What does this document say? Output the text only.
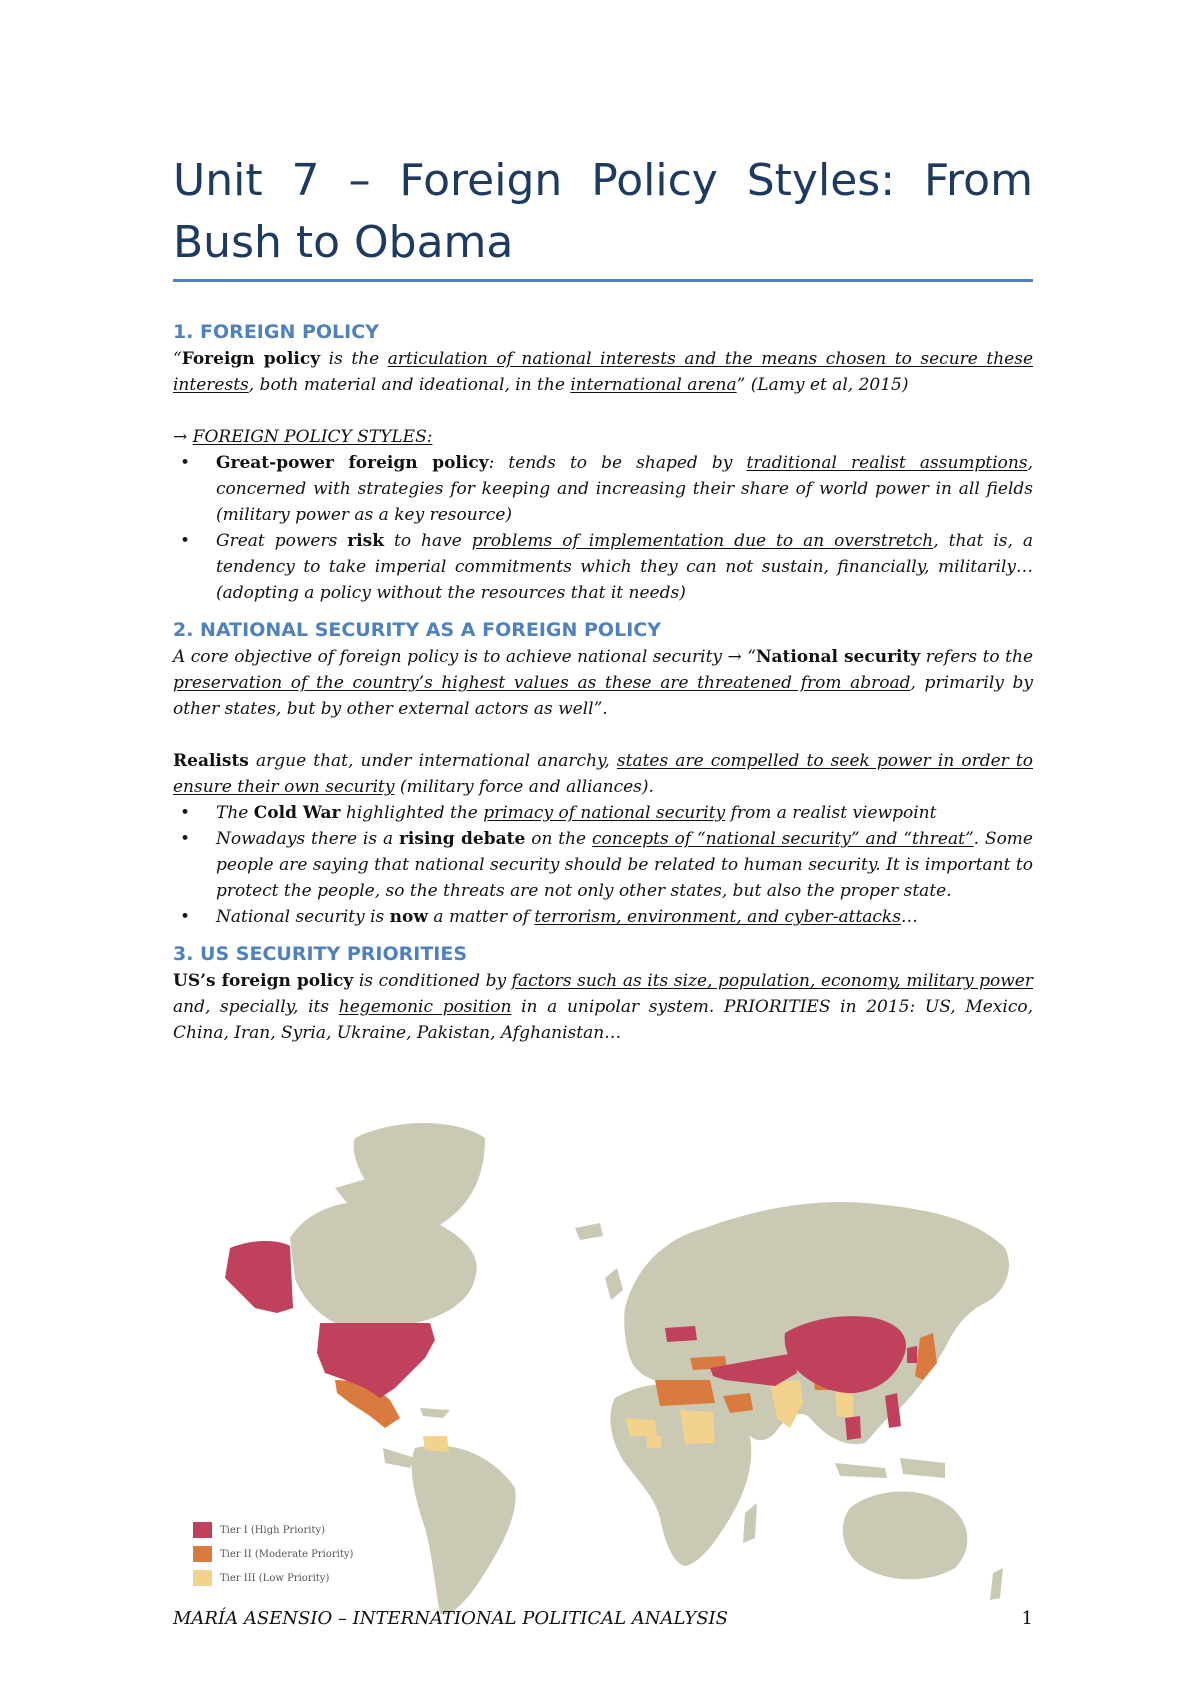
Unit 7 – Foreign Policy Styles: From
Bush to Obama
1. FOREIGN POLICY

“Foreign policy is the articulation of national interests and the means chosen to secure these interests, both material and ideational, in the international arena” (Lamy et al, 2015)

→ FOREIGN POLICY STYLES:

• Great-power foreign policy: tends to be shaped by traditional realist assumptions, concerned with strategies for keeping and increasing their share of world power in all fields (military power as a key resource)
• Great powers risk to have problems of implementation due to an overstretch, that is, a tendency to take imperial commitments which they can not sustain, financially, militarily… (adopting a policy without the resources that it needs)
2. NATIONAL SECURITY AS A FOREIGN POLICY

A core objective of foreign policy is to achieve national security → “National security refers to the preservation of the country’s highest values as these are threatened from abroad, primarily by other states, but by other external actors as well”.

Realists argue that, under international anarchy, states are compelled to seek power in order to ensure their own security (military force and alliances).

• The Cold War highlighted the primacy of national security from a realist viewpoint
• Nowadays there is a rising debate on the concepts of “national security” and “threat”. Some people are saying that national security should be related to human security. It is important to protect the people, so the threats are not only other states, but also the proper state.
• National security is now a matter of terrorism, environment, and cyber-attacks…
3. US SECURITY PRIORITIES

US’s foreign policy is conditioned by factors such as its size, population, economy, military power and, specially, its hegemonic position in a unipolar system. PRIORITIES in 2015: US, Mexico, China, Iran, Syria, Ukraine, Pakistan, Afghanistan…

Tier I (High Priority)
Tier II (Moderate Priority)
Tier III (Low Priority)
MARÍA ASENSIO – INTERNATIONAL POLITICAL ANALYSIS	1
